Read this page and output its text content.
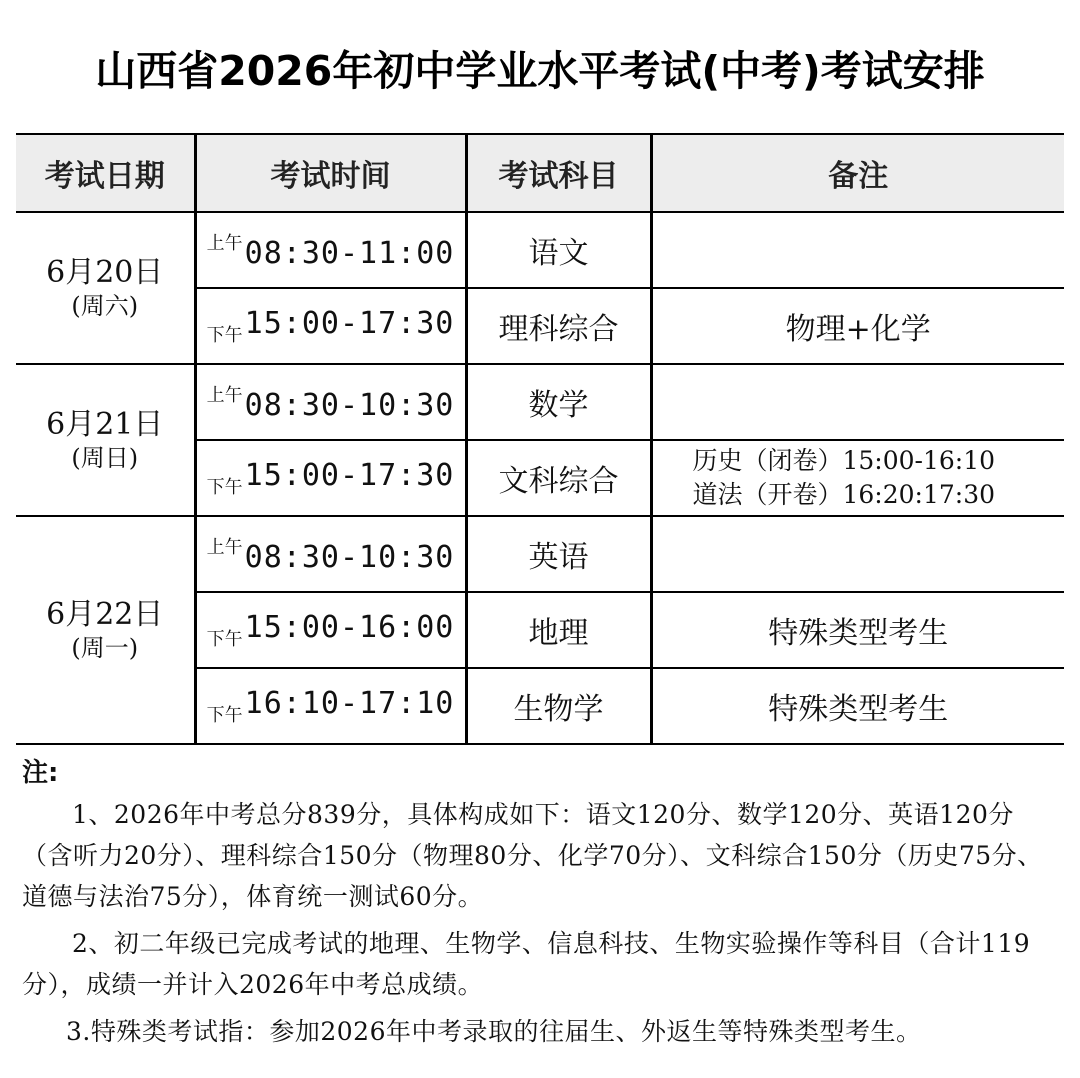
山西省2026年初中学业水平考试(中考)考试安排
考试日期	考试时间	考试科目	备注

6月20日
(周六)	$^{上午}$08:30-11:00	语文	
	$_{下午}$15:00-17:30	理科综合	物理+化学

6月21日
(周日)	$^{上午}$08:30-10:30	数学	
	$_{下午}$15:00-17:30	文科综合	历史（闭卷）15:00-16:10
道法（开卷）16:20:17:30

6月22日
(周一)	$^{上午}$08:30-10:30	英语	
	$_{下午}$15:00-16:00	地理	特殊类型考生
	$_{下午}$16:10-17:10	生物学	特殊类型考生
注:

1、2026年中考总分839分，具体构成如下：语文120分、数学120分、英语120分（含听力20分）、理科综合150分（物理80分、化学70分）、文科综合150分（历史75分、道德与法治75分），体育统一测试60分。

2、初二年级已完成考试的地理、生物学、信息科技、生物实验操作等科目（合计119分），成绩一并计入2026年中考总成绩。

3.特殊类考试指：参加2026年中考录取的往届生、外返生等特殊类型考生。
